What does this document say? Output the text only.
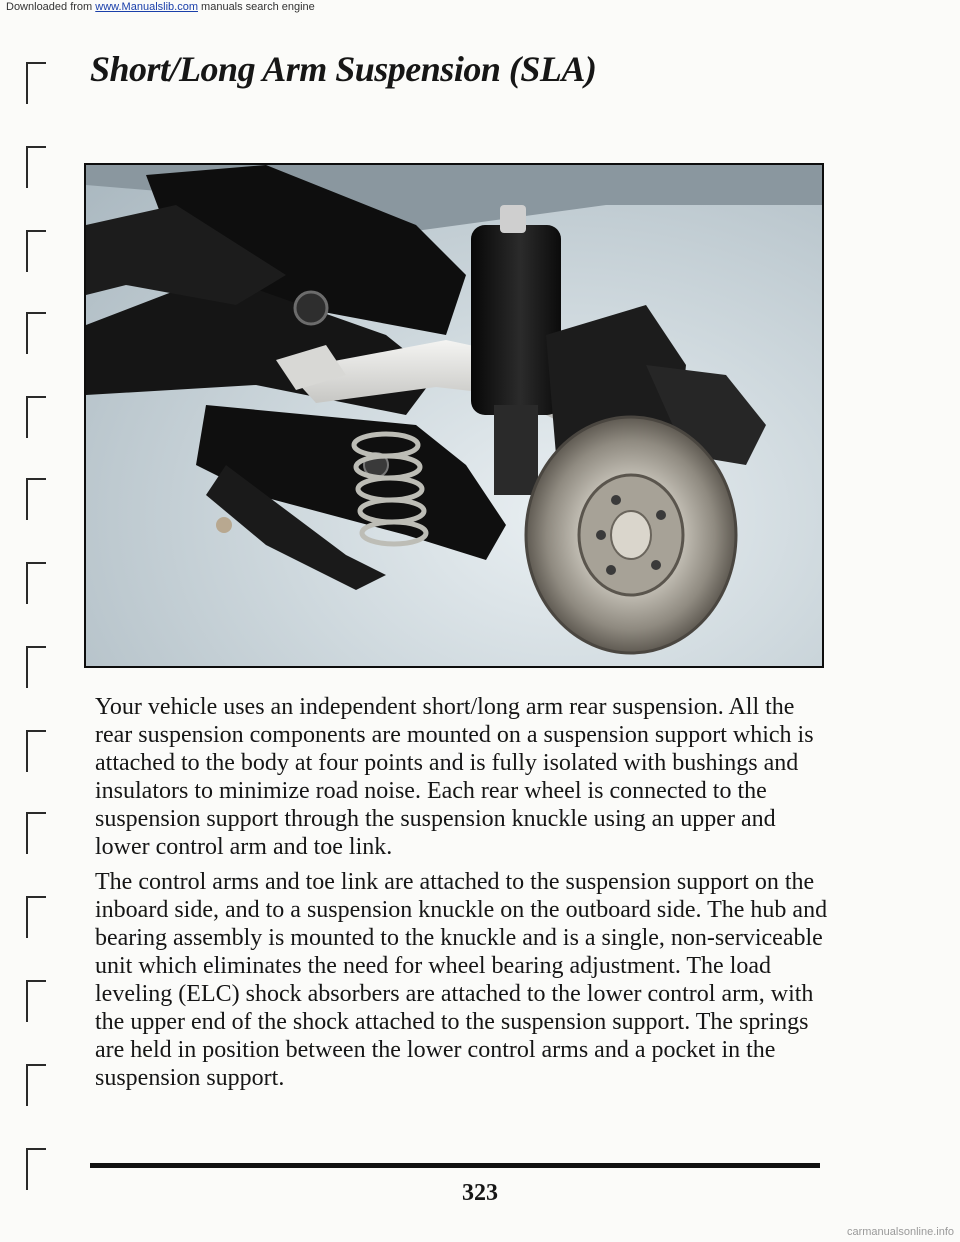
Downloaded from www.Manualslib.com manuals search engine
Short/Long Arm Suspension (SLA)

Your vehicle uses an independent short/long arm rear suspension. All the rear suspension components are mounted on a suspension support which is attached to the body at four points and is fully isolated with bushings and insulators to minimize road noise. Each rear wheel is connected to the suspension support through the suspension knuckle using an upper and lower control arm and toe link.

The control arms and toe link are attached to the suspension support on the inboard side, and to a suspension knuckle on the outboard side. The hub and bearing assembly is mounted to the knuckle and is a single, non-serviceable unit which eliminates the need for wheel bearing adjustment. The load leveling (ELC) shock absorbers are attached to the lower control arm, with the upper end of the shock attached to the suspension support. The springs are held in position between the lower control arms and a pocket in the suspension support.

323
carmanualsonline.info
